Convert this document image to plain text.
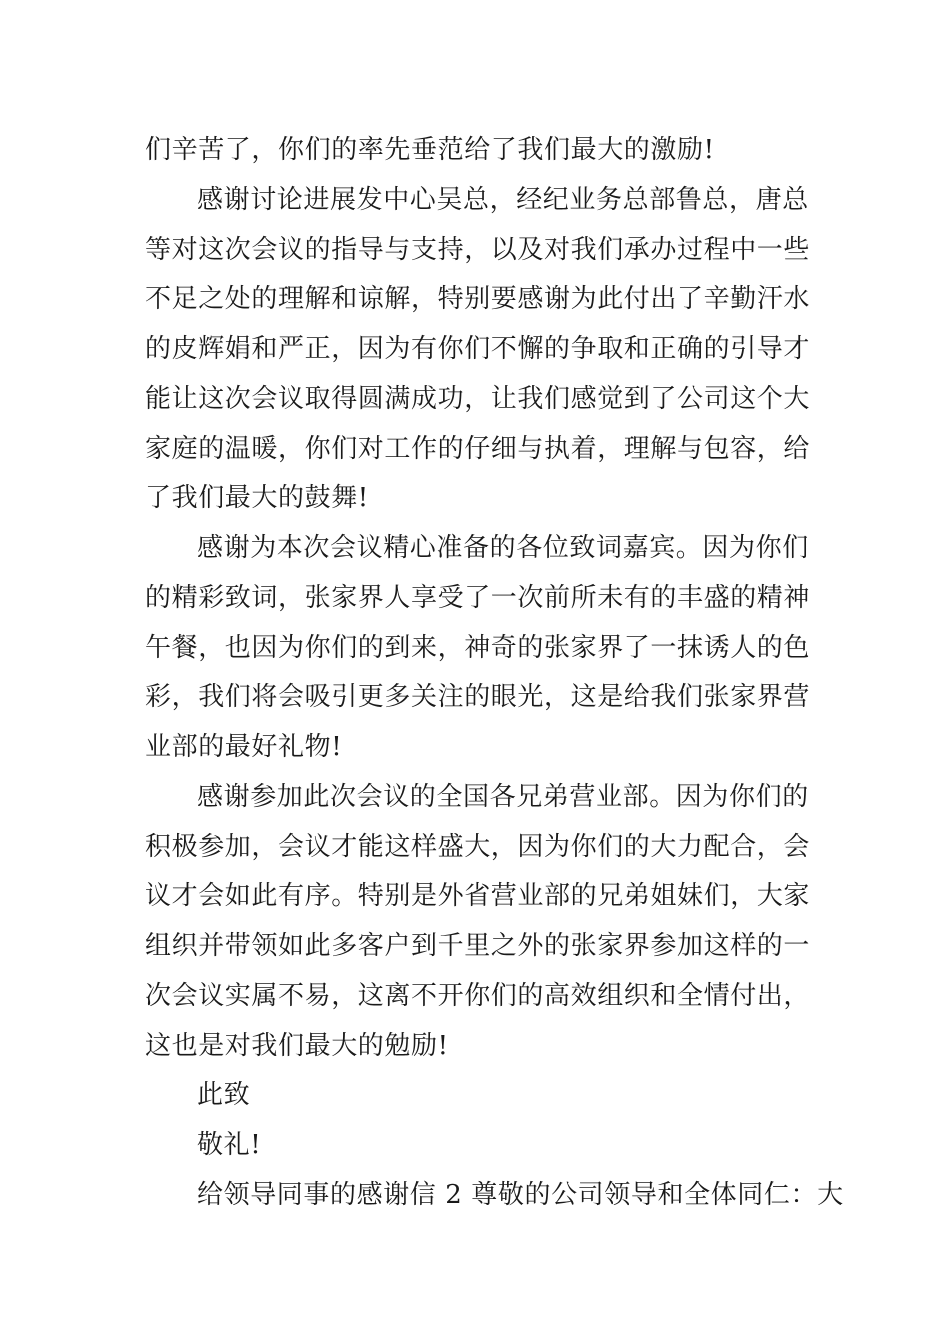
们辛苦了，你们的率先垂范给了我们最大的激励!
感谢讨论进展发中心吴总，经纪业务总部鲁总，唐总
等对这次会议的指导与支持，以及对我们承办过程中一些
不足之处的理解和谅解，特别要感谢为此付出了辛勤汗水
的皮辉娟和严正，因为有你们不懈的争取和正确的引导才
能让这次会议取得圆满成功，让我们感觉到了公司这个大
家庭的温暖，你们对工作的仔细与执着，理解与包容，给
了我们最大的鼓舞!
感谢为本次会议精心准备的各位致词嘉宾。因为你们
的精彩致词，张家界人享受了一次前所未有的丰盛的精神
午餐，也因为你们的到来，神奇的张家界了一抹诱人的色
彩，我们将会吸引更多关注的眼光，这是给我们张家界营
业部的最好礼物!
感谢参加此次会议的全国各兄弟营业部。因为你们的
积极参加，会议才能这样盛大，因为你们的大力配合，会
议才会如此有序。特别是外省营业部的兄弟姐妹们，大家
组织并带领如此多客户到千里之外的张家界参加这样的一
次会议实属不易，这离不开你们的高效组织和全情付出，
这也是对我们最大的勉励!
此致
敬礼!
给领导同事的感谢信 2 尊敬的公司领导和全体同仁：大
